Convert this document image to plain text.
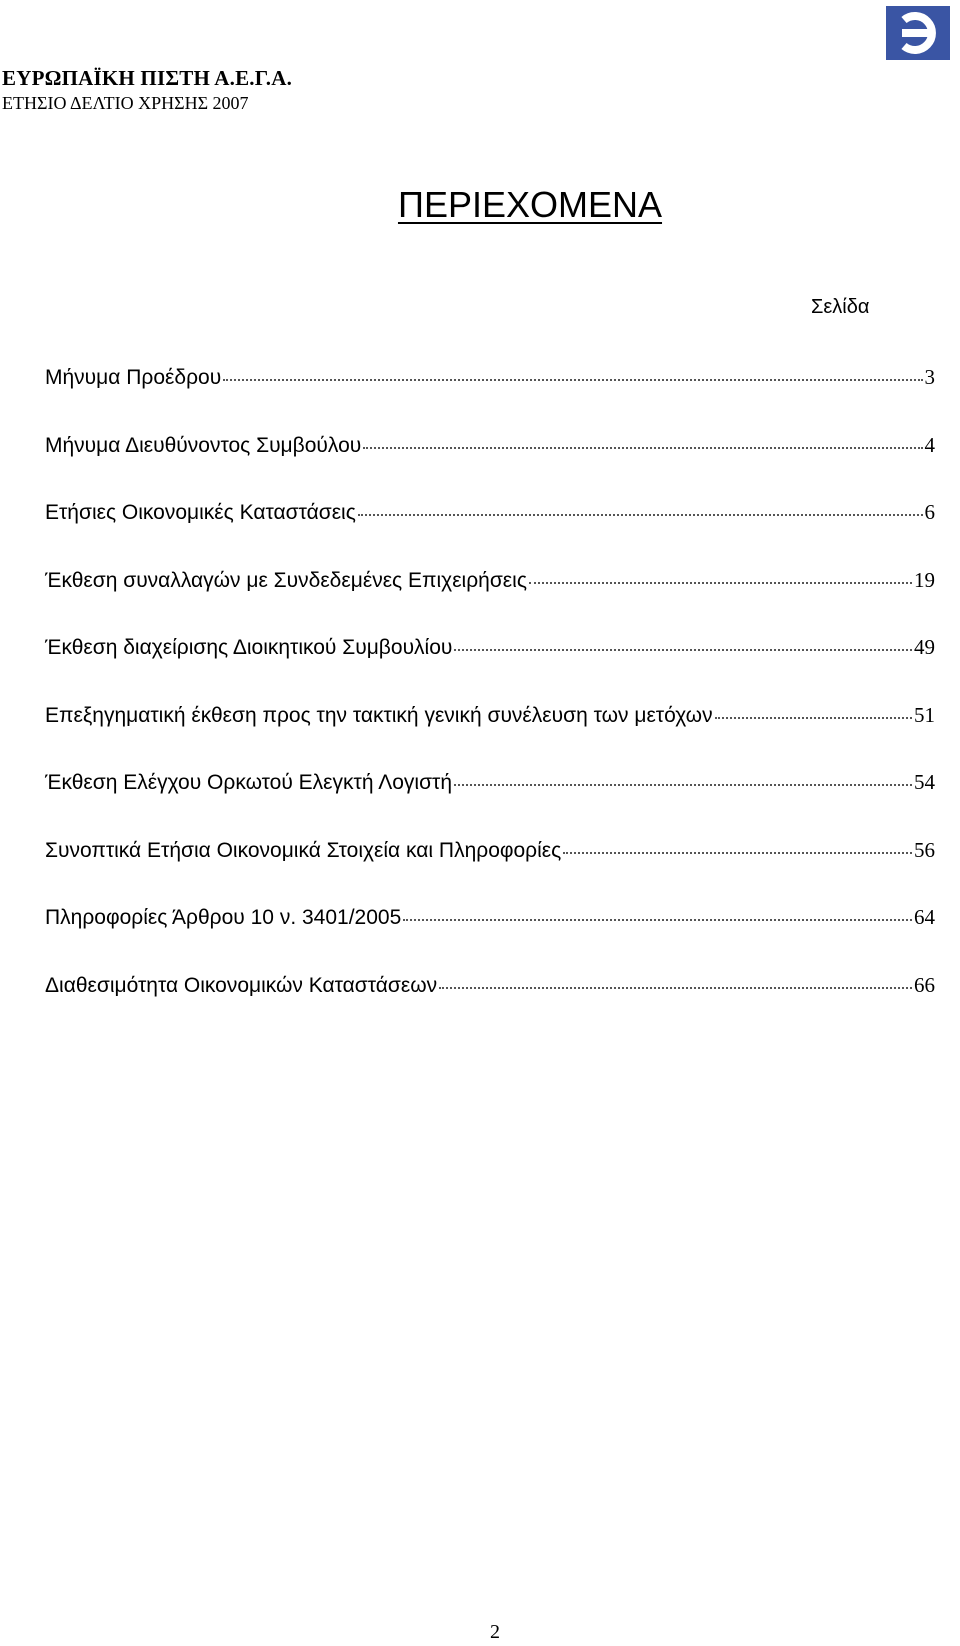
ΕΥΡΩΠΑΪΚΗ ΠΙΣΤΗ Α.Ε.Γ.Α.
ΕΤΗΣΙΟ ΔΕΛΤΙΟ ΧΡΗΣΗΣ 2007
ΠΕΡΙΕΧΟΜΕΝΑ
Σελίδα
Μήνυμα Προέδρου	3
Μήνυμα Διευθύνοντος Συμβούλου	4
Ετήσιες Οικονομικές Καταστάσεις	6
Έκθεση συναλλαγών με Συνδεδεμένες Επιχειρήσεις	19
Έκθεση διαχείρισης Διοικητικού Συμβουλίου	49
Επεξηγηματική έκθεση προς την τακτική γενική συνέλευση των μετόχων	51
Έκθεση Ελέγχου Ορκωτού Ελεγκτή Λογιστή	54
Συνοπτικά Ετήσια Οικονομικά Στοιχεία και Πληροφορίες	56
Πληροφορίες Άρθρου 10 ν. 3401/2005	64
Διαθεσιμότητα Οικονομικών Καταστάσεων	66
2
